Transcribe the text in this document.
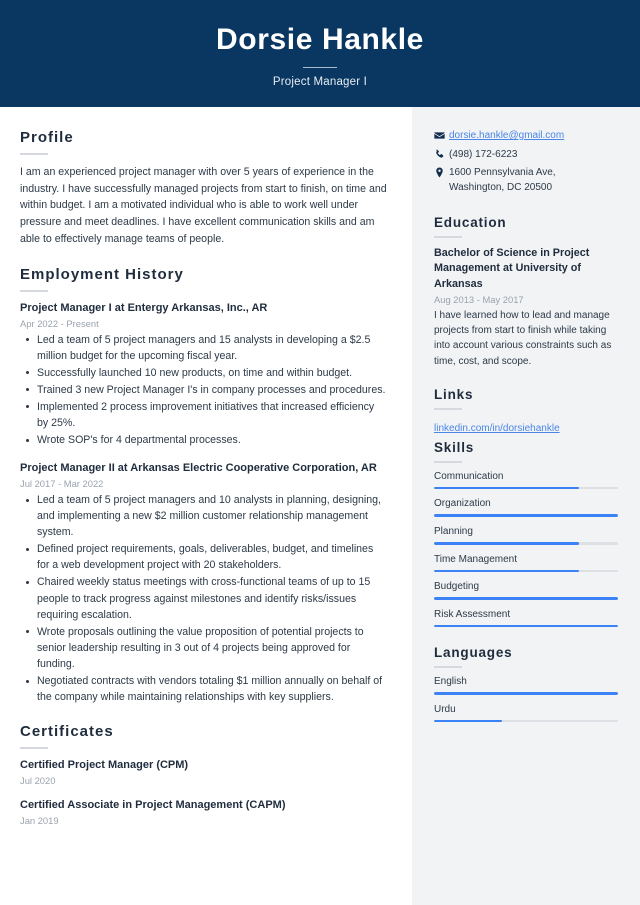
Dorsie Hankle
Project Manager I
Profile
I am an experienced project manager with over 5 years of experience in the industry. I have successfully managed projects from start to finish, on time and within budget. I am a motivated individual who is able to work well under pressure and meet deadlines. I have excellent communication skills and am able to effectively manage teams of people.
Employment History
Project Manager I at Entergy Arkansas, Inc., AR
Apr 2022 - Present
Led a team of 5 project managers and 15 analysts in developing a $2.5 million budget for the upcoming fiscal year.
Successfully launched 10 new products, on time and within budget.
Trained 3 new Project Manager I's in company processes and procedures.
Implemented 2 process improvement initiatives that increased efficiency by 25%.
Wrote SOP's for 4 departmental processes.
Project Manager II at Arkansas Electric Cooperative Corporation, AR
Jul 2017 - Mar 2022
Led a team of 5 project managers and 10 analysts in planning, designing, and implementing a new $2 million customer relationship management system.
Defined project requirements, goals, deliverables, budget, and timelines for a web development project with 20 stakeholders.
Chaired weekly status meetings with cross-functional teams of up to 15 people to track progress against milestones and identify risks/issues requiring escalation.
Wrote proposals outlining the value proposition of potential projects to senior leadership resulting in 3 out of 4 projects being approved for funding.
Negotiated contracts with vendors totaling $1 million annually on behalf of the company while maintaining relationships with key suppliers.
Certificates
Certified Project Manager (CPM)
Jul 2020
Certified Associate in Project Management (CAPM)
Jan 2019
dorsie.hankle@gmail.com
(498) 172-6223
1600 Pennsylvania Ave,
Washington, DC 20500
Education
Bachelor of Science in Project Management at University of Arkansas
Aug 2013 - May 2017
I have learned how to lead and manage projects from start to finish while taking into account various constraints such as time, cost, and scope.
Links
linkedin.com/in/dorsiehankle
Skills
Communication
Organization
Planning
Time Management
Budgeting
Risk Assessment
Languages
English
Urdu
